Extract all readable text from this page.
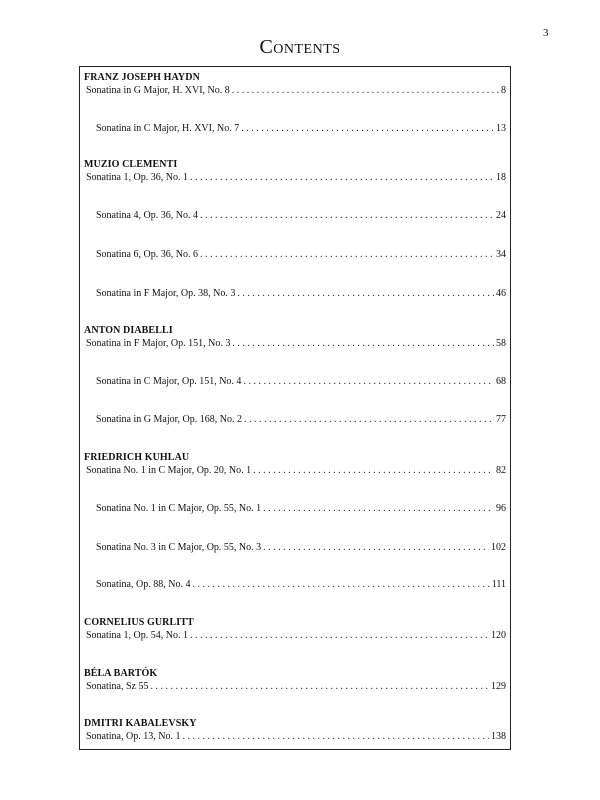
3
Contents
FRANZ JOSEPH HAYDN
Sonatina in G Major, H. XVI, No. 8 . . .	8
Sonatina in C Major, H. XVI, No. 7 . . .	13
MUZIO CLEMENTI
Sonatina 1, Op. 36, No. 1 . . .	18
Sonatina 4, Op. 36, No. 4 . . .	24
Sonatina 6, Op. 36, No. 6 . . .	34
Sonatina in F Major, Op. 38, No. 3 . . .	46
ANTON DIABELLI
Sonatina in F Major, Op. 151, No. 3 . . .	58
Sonatina in C Major, Op. 151, No. 4 . . .	68
Sonatina in G Major, Op. 168, No. 2 . . .	77
FRIEDRICH KUHLAU
Sonatina No. 1 in C Major, Op. 20, No. 1 . . .	82
Sonatina No. 1 in C Major, Op. 55, No. 1 . . .	96
Sonatina No. 3 in C Major, Op. 55, No. 3 . . .	102
Sonatina, Op. 88, No. 4 . . .	111
CORNELIUS GURLITT
Sonatina 1, Op. 54, No. 1 . . .	120
BÉLA BARTÓK
Sonatina, Sz 55 . . .	129
DMITRI KABALEVSKY
Sonatina, Op. 13, No. 1 . . .	138
